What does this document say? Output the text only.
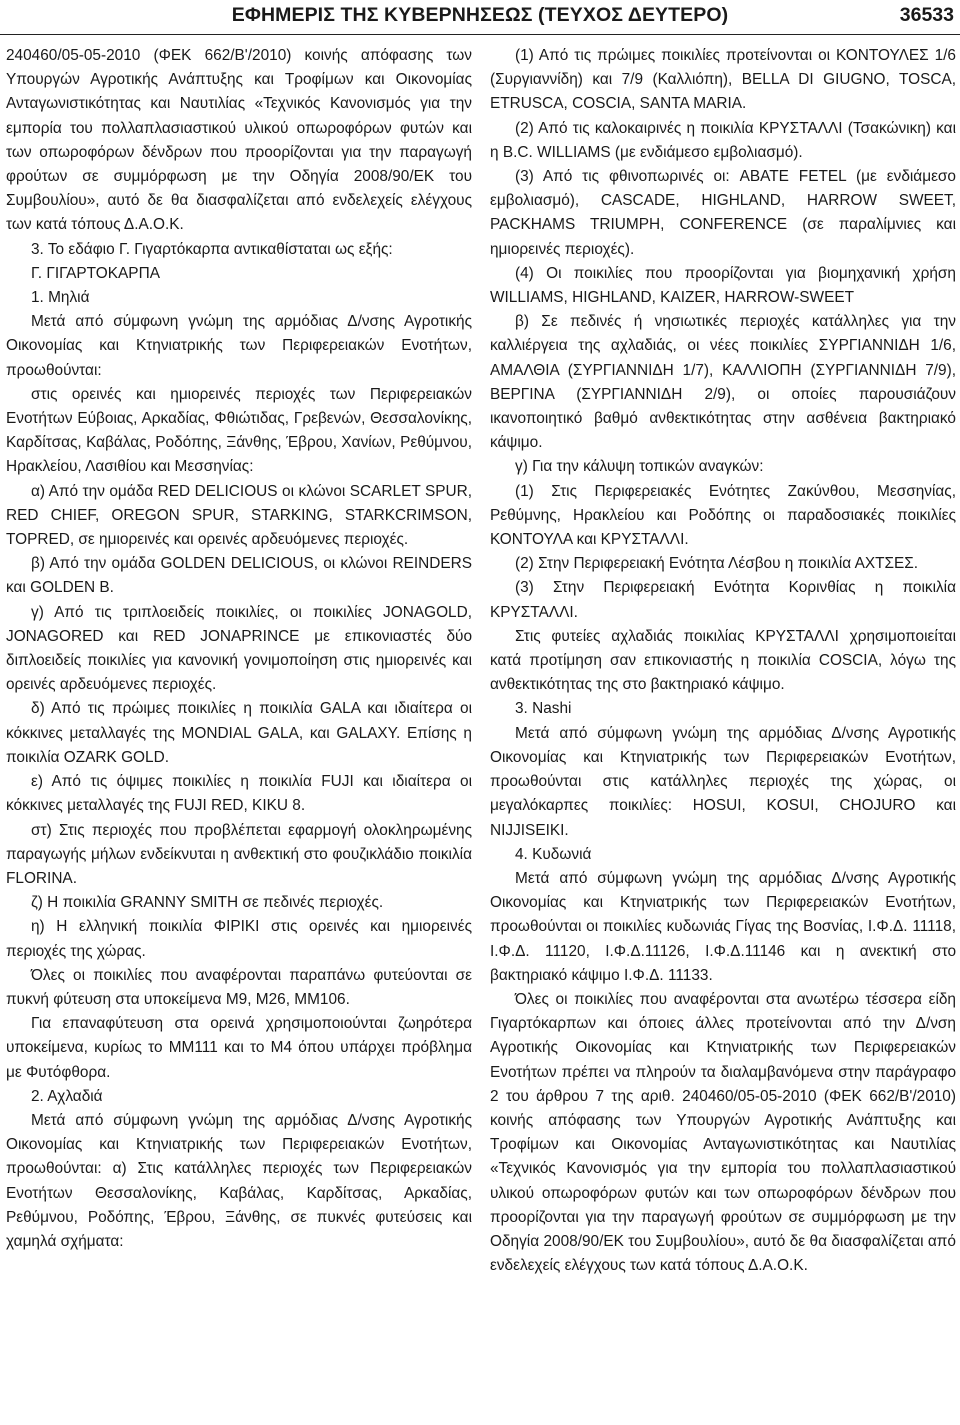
ΕΦΗΜΕΡΙΣ ΤΗΣ ΚΥΒΕΡΝΗΣΕΩΣ (ΤΕΥΧΟΣ ΔΕΥΤΕΡΟ)	36533

240460/05-05-2010 (ΦΕΚ 662/Β'/2010) κοινής απόφασης των Υπουργών Αγροτικής Ανάπτυξης και Τροφίμων και Οικονομίας Ανταγωνιστικότητας και Ναυτιλίας «Τεχνικός Κανονισμός για την εμπορία του πολλαπλασιαστικού υλικού οπωροφόρων φυτών και των οπωροφόρων δένδρων που προορίζονται για την παραγωγή φρούτων σε συμμόρφωση με την Οδηγία 2008/90/ΕΚ του Συμβουλίου», αυτό δε θα διασφαλίζεται από ενδελεχείς ελέγχους των κατά τόπους Δ.Α.Ο.Κ.

3. Το εδάφιο Γ. Γιγαρτόκαρπα αντικαθίσταται ως εξής:

Γ. ΓΙΓΑΡΤΟΚΑΡΠΑ

1. Μηλιά

Μετά από σύμφωνη γνώμη της αρμόδιας Δ/νσης Αγροτικής Οικονομίας και Κτηνιατρικής των Περιφερειακών Ενοτήτων, προωθούνται:

στις ορεινές και ημιορεινές περιοχές των Περιφερειακών Ενοτήτων Εύβοιας, Αρκαδίας, Φθιώτιδας, Γρεβενών, Θεσσαλονίκης, Καρδίτσας, Καβάλας, Ροδόπης, Ξάνθης, Έβρου, Χανίων, Ρεθύμνου, Ηρακλείου, Λασιθίου και Μεσσηνίας:

α) Από την ομάδα RED DELICIOUS οι κλώνοι SCARLET SPUR, RED CHIEF, OREGON SPUR, STARKING, STARKCRIMSON, TOPRED, σε ημιορεινές και ορεινές αρδευόμενες περιοχές.

β) Από την ομάδα GOLDEN DELICIOUS, οι κλώνοι REINDERS και GOLDEN B.

γ) Από τις τριπλοειδείς ποικιλίες, οι ποικιλίες JONAGOLD, JONAGORED και RED JONAPRINCE με επικονιαστές δύο διπλοειδείς ποικιλίες για κανονική γονιμοποίηση στις ημιορεινές και ορεινές αρδευόμενες περιοχές.

δ) Από τις πρώιμες ποικιλίες η ποικιλία GALA και ιδιαίτερα οι κόκκινες μεταλλαγές της MONDIAL GALA, και GALAXY. Επίσης η ποικιλία OZARK GOLD.

ε) Από τις όψιμες ποικιλίες η ποικιλία FUJI και ιδιαίτερα οι κόκκινες μεταλλαγές της FUJI RED, KIKU 8.

στ) Στις περιοχές που προβλέπεται εφαρμογή ολοκληρωμένης παραγωγής μήλων ενδείκνυται η ανθεκτική στο φουζικλάδιο ποικιλία FLORINA.

ζ) Η ποικιλία GRANNY SMITH σε πεδινές περιοχές.

η) Η ελληνική ποικιλία ΦΙΡΙΚΙ στις ορεινές και ημιορεινές περιοχές της χώρας.

Όλες οι ποικιλίες που αναφέρονται παραπάνω φυτεύονται σε πυκνή φύτευση στα υποκείμενα Μ9, Μ26, ΜΜ106.

Για επαναφύτευση στα ορεινά χρησιμοποιούνται ζωηρότερα υποκείμενα, κυρίως το ΜΜ111 και το Μ4 όπου υπάρχει πρόβλημα με Φυτόφθορα.

2. Αχλαδιά

Μετά από σύμφωνη γνώμη της αρμόδιας Δ/νσης Αγροτικής Οικονομίας και Κτηνιατρικής των Περιφερειακών Ενοτήτων, προωθούνται: α) Στις κατάλληλες περιοχές των Περιφερειακών Ενοτήτων Θεσσαλονίκης, Καβάλας, Καρδίτσας, Αρκαδίας, Ρεθύμνου, Ροδόπης, Έβρου, Ξάνθης, σε πυκνές φυτεύσεις και χαμηλά σχήματα:

(1) Από τις πρώιμες ποικιλίες προτείνονται οι ΚΟΝΤΟΥΛΕΣ 1/6 (Συργιαννίδη) και 7/9 (Καλλιόπη), BELLA DI GIUGNO, TOSCA, ETRUSCA, COSCIA, SANTA MARIA.

(2) Από τις καλοκαιρινές η ποικιλία ΚΡΥΣΤΑΛΛΙ (Τσακώνικη) και η B.C. WILLIAMS (με ενδιάμεσο εμβολιασμό).

(3) Από τις φθινοπωρινές οι: ABATE FETEL (με ενδιάμεσο εμβολιασμό), CASCADE, HIGHLAND, HARROW SWEET, PACKHAMS TRIUMPH, CONFERENCE (σε παραλίμνιες και ημιορεινές περιοχές).

(4) Οι ποικιλίες που προορίζονται για βιομηχανική χρήση WILLIAMS, HIGHLAND, KAIZER, HARROW-SWEET

β) Σε πεδινές ή νησιωτικές περιοχές κατάλληλες για την καλλιέργεια της αχλαδιάς, οι νέες ποικιλίες ΣΥΡΓΙΑΝΝΙΔΗ 1/6, ΑΜΑΛΘΙΑ (ΣΥΡΓΙΑΝΝΙΔΗ 1/7), ΚΑΛΛΙΟΠΗ (ΣΥΡΓΙΑΝΝΙΔΗ 7/9), ΒΕΡΓΙΝΑ (ΣΥΡΓΙΑΝΝΙΔΗ 2/9), οι οποίες παρουσιάζουν ικανοποιητικό βαθμό ανθεκτικότητας στην ασθένεια βακτηριακό κάψιμο.

γ) Για την κάλυψη τοπικών αναγκών:

(1) Στις Περιφερειακές Ενότητες Ζακύνθου, Μεσσηνίας, Ρεθύμνης, Ηρακλείου και Ροδόπης οι παραδοσιακές ποικιλίες ΚΟΝΤΟΥΛΑ και ΚΡΥΣΤΑΛΛΙ.

(2) Στην Περιφερειακή Ενότητα Λέσβου η ποικιλία ΑΧΤΣΕΣ.

(3) Στην Περιφερειακή Ενότητα Κορινθίας η ποικιλία ΚΡΥΣΤΑΛΛΙ.

Στις φυτείες αχλαδιάς ποικιλίας ΚΡΥΣΤΑΛΛΙ χρησιμοποιείται κατά προτίμηση σαν επικονιαστής η ποικιλία COSCIA, λόγω της ανθεκτικότητας της στο βακτηριακό κάψιμο.

3. Nashi

Μετά από σύμφωνη γνώμη της αρμόδιας Δ/νσης Αγροτικής Οικονομίας και Κτηνιατρικής των Περιφερειακών Ενοτήτων, προωθούνται στις κατάλληλες περιοχές της χώρας, οι μεγαλόκαρπες ποικιλίες: HOSUI, KOSUI, CHOJURO και NIJJISEIKI.

4. Κυδωνιά

Μετά από σύμφωνη γνώμη της αρμόδιας Δ/νσης Αγροτικής Οικονομίας και Κτηνιατρικής των Περιφερειακών Ενοτήτων, προωθούνται οι ποικιλίες κυδωνιάς Γίγας της Βοσνίας, Ι.Φ.Δ. 11118, Ι.Φ.Δ. 11120, Ι.Φ.Δ.11126, Ι.Φ.Δ.11146 και η ανεκτική στο βακτηριακό κάψιμο Ι.Φ.Δ. 11133.

Όλες οι ποικιλίες που αναφέρονται στα ανωτέρω τέσσερα είδη Γιγαρτόκαρπων και όποιες άλλες προτείνονται από την Δ/νση Αγροτικής Οικονομίας και Κτηνιατρικής των Περιφερειακών Ενοτήτων πρέπει να πληρούν τα διαλαμβανόμενα στην παράγραφο 2 του άρθρου 7 της αριθ. 240460/05-05-2010 (ΦΕΚ 662/Β'/2010) κοινής απόφασης των Υπουργών Αγροτικής Ανάπτυξης και Τροφίμων και Οικονομίας Ανταγωνιστικότητας και Ναυτιλίας «Τεχνικός Κανονισμός για την εμπορία του πολλαπλασιαστικού υλικού οπωροφόρων φυτών και των οπωροφόρων δένδρων που προορίζονται για την παραγωγή φρούτων σε συμμόρφωση με την Οδηγία 2008/90/ΕΚ του Συμβουλίου», αυτό δε θα διασφαλίζεται από ενδελεχείς ελέγχους των κατά τόπους Δ.Α.Ο.Κ.
